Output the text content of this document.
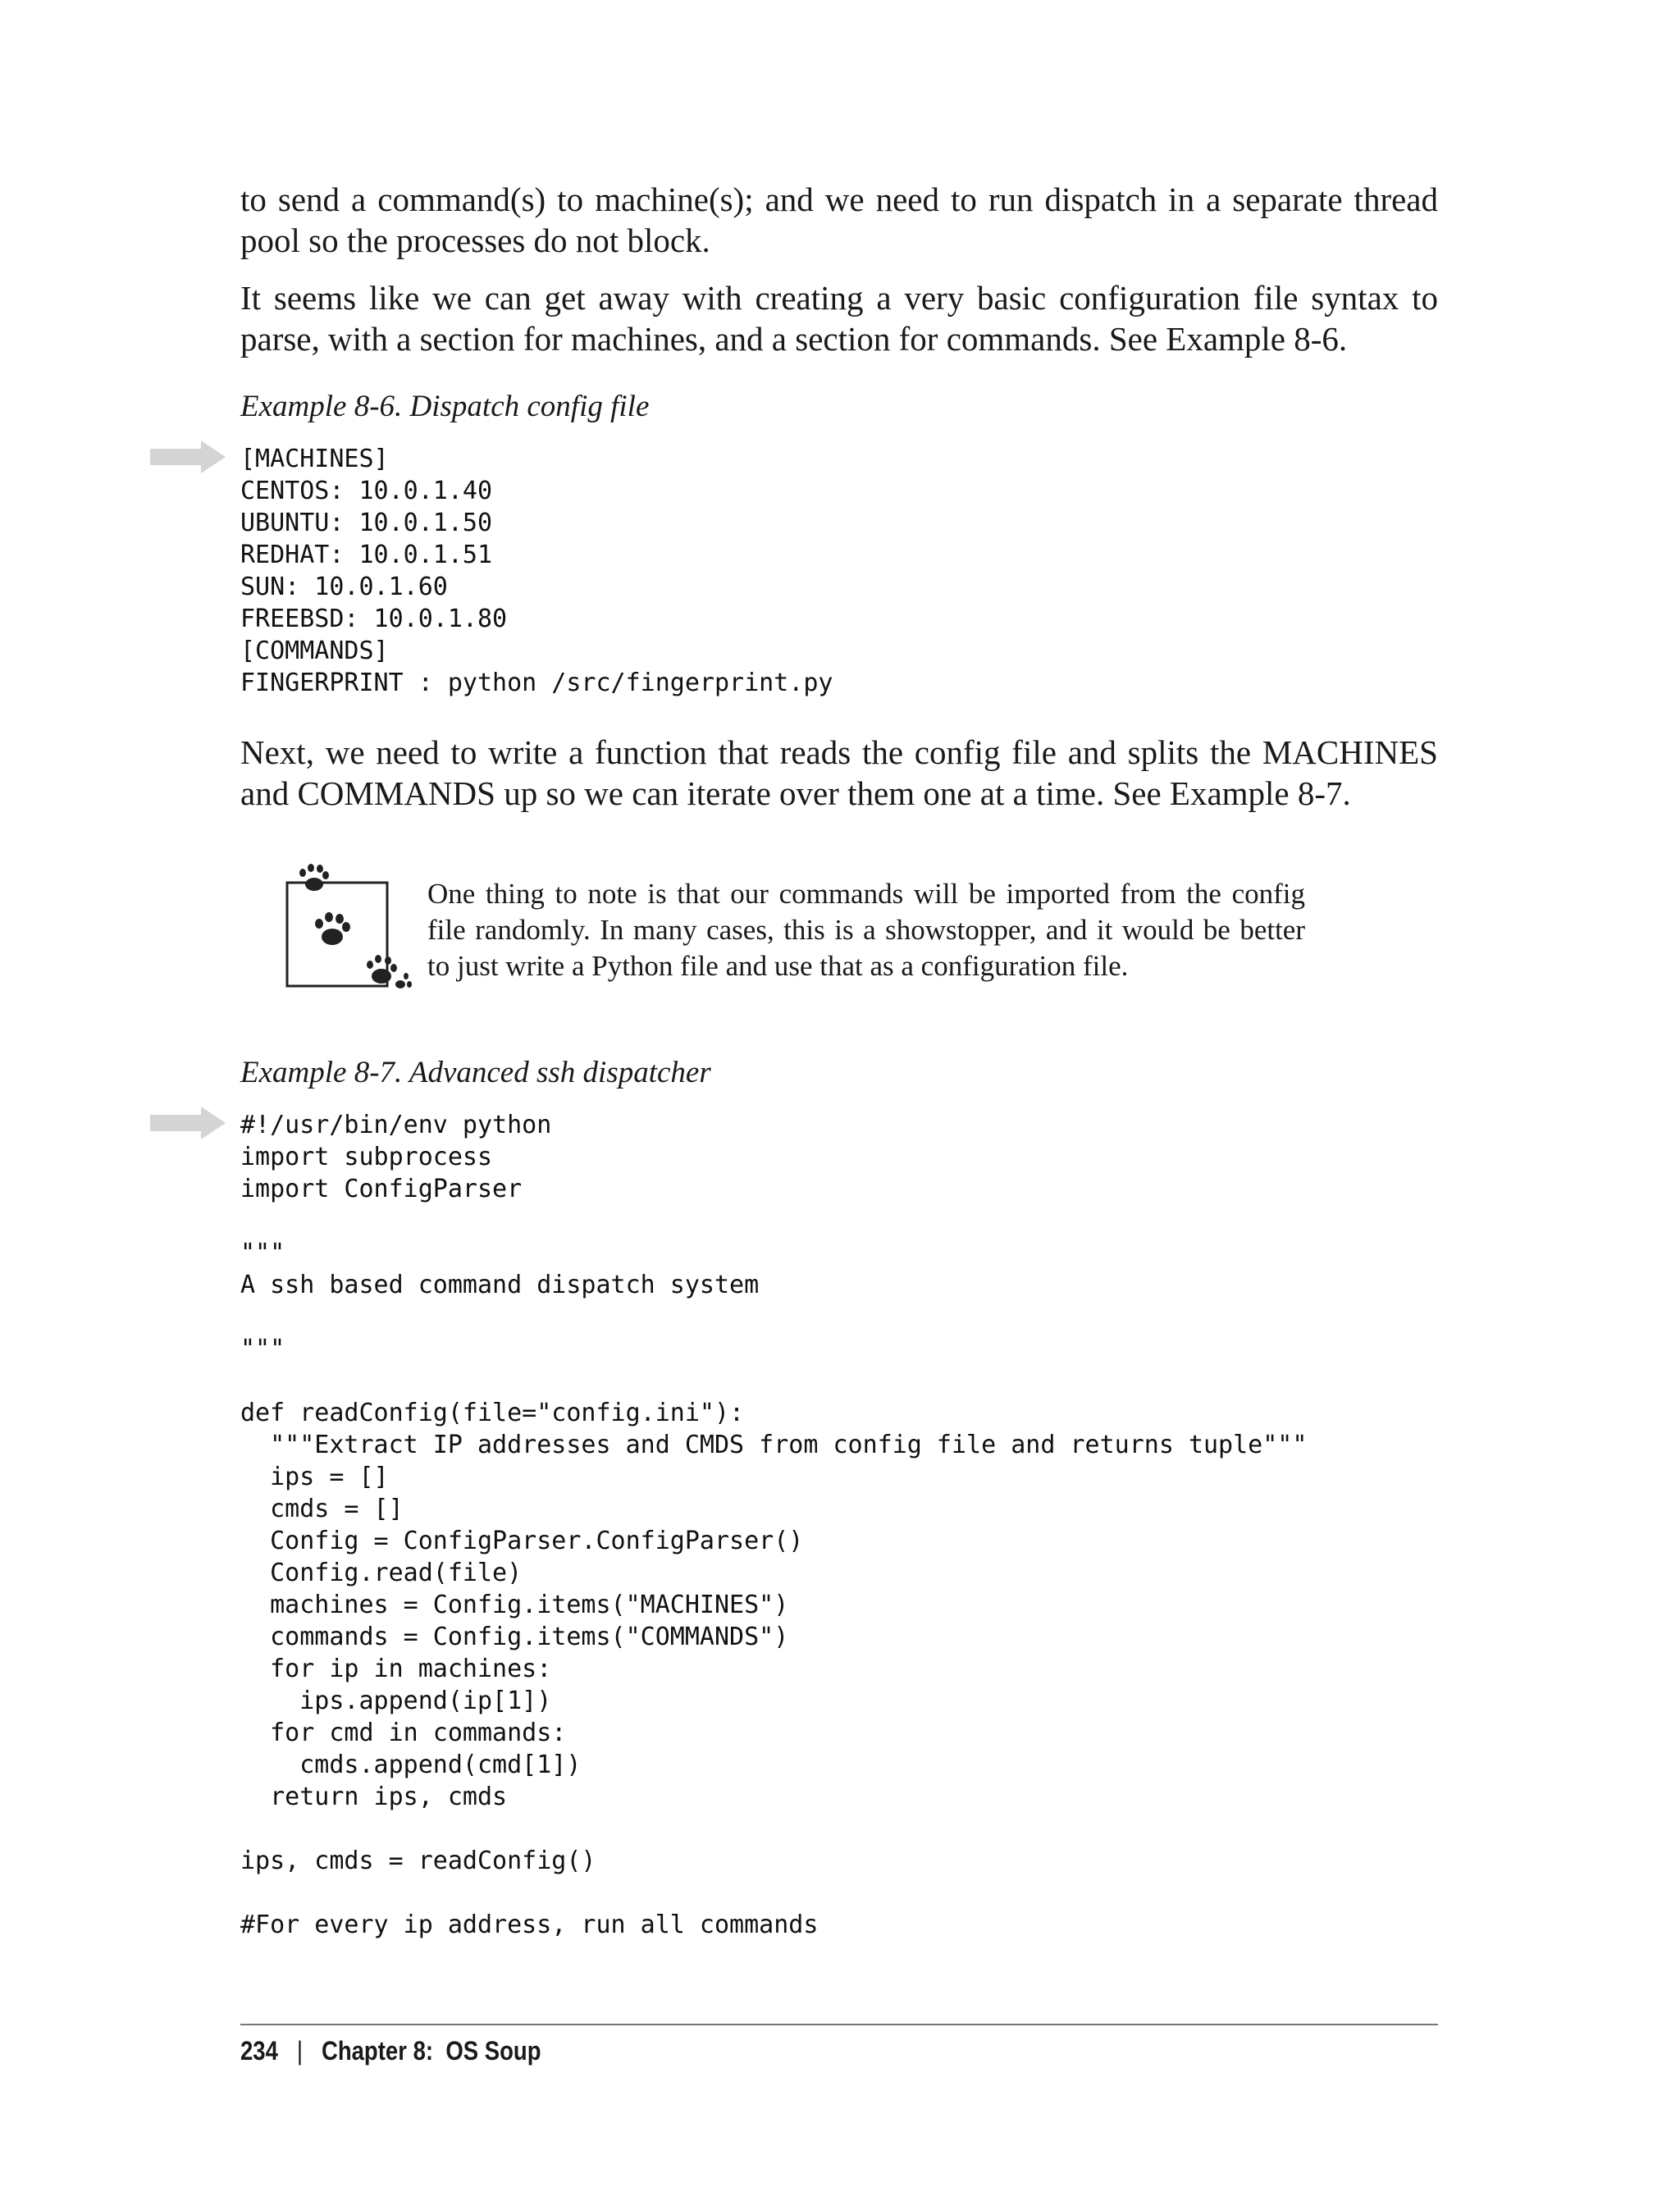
to send a command(s) to machine(s); and we need to run dispatch in a separate thread pool so the processes do not block.

It seems like we can get away with creating a very basic configuration file syntax to parse, with a section for machines, and a section for commands. See Example 8-6.

Example 8-6. Dispatch config file

[MACHINES]
CENTOS: 10.0.1.40
UBUNTU: 10.0.1.50
REDHAT: 10.0.1.51
SUN: 10.0.1.60
FREEBSD: 10.0.1.80
[COMMANDS]
FINGERPRINT : python /src/fingerprint.py

Next, we need to write a function that reads the config file and splits the MACHINES and COMMANDS up so we can iterate over them one at a time. See Example 8-7.

One thing to note is that our commands will be imported from the config file randomly. In many cases, this is a showstopper, and it would be better to just write a Python file and use that as a configuration file.

Example 8-7. Advanced ssh dispatcher

#!/usr/bin/env python
import subprocess
import ConfigParser

"""
A ssh based command dispatch system

"""

def readConfig(file="config.ini"):
"""Extract IP addresses and CMDS from config file and returns tuple"""
ips = []
cmds = []
Config = ConfigParser.ConfigParser()
Config.read(file)
machines = Config.items("MACHINES")
commands = Config.items("COMMANDS")
for ip in machines:
ips.append(ip[1])
for cmd in commands:
cmds.append(cmd[1])
return ips, cmds

ips, cmds = readConfig()

#For every ip address, run all commands
234 | Chapter 8:  OS Soup
